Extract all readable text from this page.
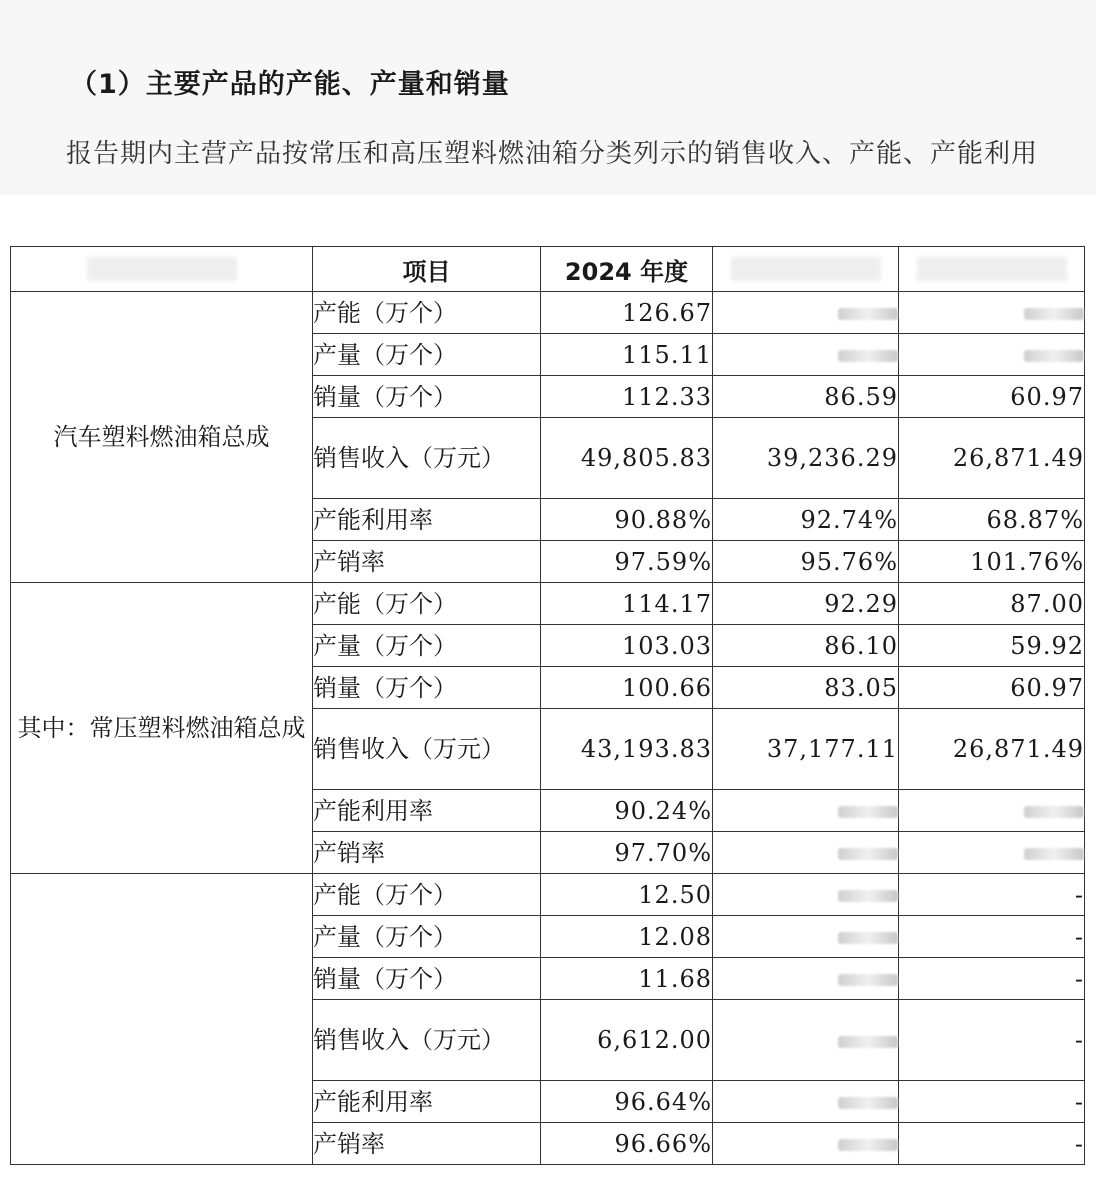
（1）主要产品的产能、产量和销量
报告期内主营产品按常压和高压塑料燃油箱分类列示的销售收入、产能、产能利用
	项目	2024 年度	

汽车塑料燃油箱总成	产能（万个）	126.67		
	产量（万个）	115.11		
	销量（万个）	112.33	86.59	60.97
	销售收入（万元）	49,805.83	39,236.29	26,871.49
	产能利用率	90.88%	92.74%	68.87%
	产销率	97.59%	95.76%	101.76%
其中：常压塑料燃油箱总成	产能（万个）	114.17	92.29	87.00
	产量（万个）	103.03	86.10	59.92
	销量（万个）	100.66	83.05	60.97
	销售收入（万元）	43,193.83	37,177.11	26,871.49
	产能利用率	90.24%		
	产销率	97.70%		
	产能（万个）	12.50		-
	产量（万个）	12.08		-
	销量（万个）	11.68		-
	销售收入（万元）	6,612.00		-
	产能利用率	96.64%		-
	产销率	96.66%		-
